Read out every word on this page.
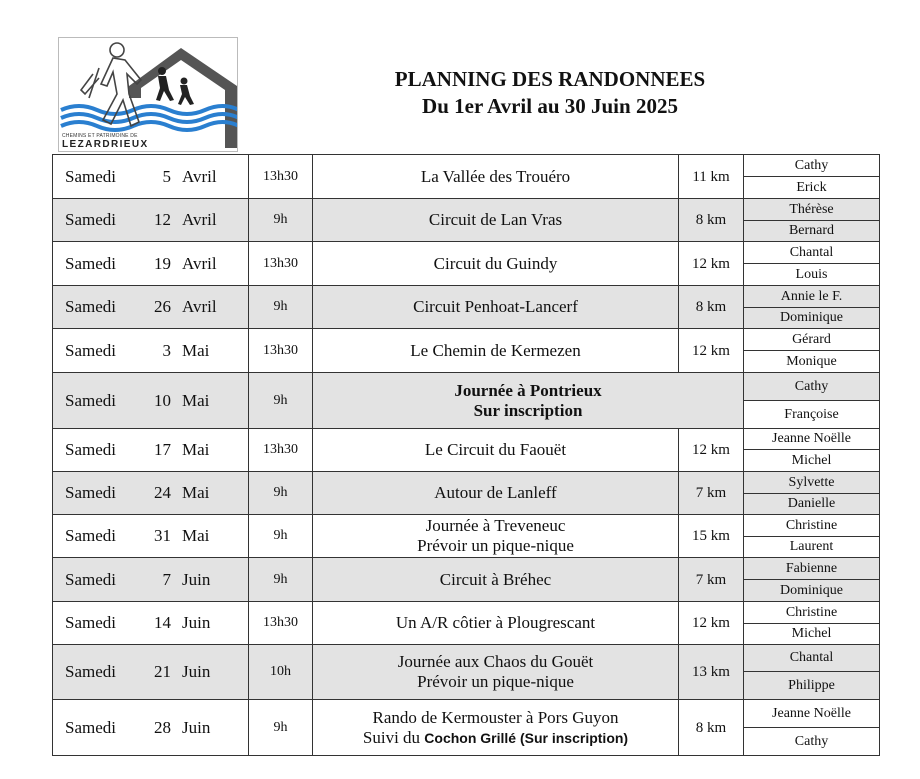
CHEMINS ET PATRIMOINE DE
LEZARDRIEUX
PLANNING DES RANDONNEES
Du 1er Avril au 30 Juin 2025
Samedi 5 Avril	13h30	La Vallée des Trouéro	11 km	Cathy
				Erick
Samedi 12 Avril	9h	Circuit de Lan Vras	8 km	Thérèse
				Bernard
Samedi 19 Avril	13h30	Circuit du Guindy	12 km	Chantal
				Louis
Samedi 26 Avril	9h	Circuit Penhoat-Lancerf	8 km	Annie le F.
				Dominique
Samedi 3 Mai	13h30	Le Chemin de Kermezen	12 km	Gérard
				Monique
Samedi 10 Mai	9h	Journée à Pontrieux
Sur inscription		Cathy
				Françoise
Samedi 17 Mai	13h30	Le Circuit du Faouët	12 km	Jeanne Noëlle
				Michel
Samedi 24 Mai	9h	Autour de Lanleff	7 km	Sylvette
				Danielle
Samedi 31 Mai	9h	Journée à Treveneuc
Prévoir un pique-nique	15 km	Christine
				Laurent
Samedi 7 Juin	9h	Circuit à Bréhec	7 km	Fabienne
				Dominique
Samedi 14 Juin	13h30	Un A/R côtier à Plougrescant	12 km	Christine
				Michel
Samedi 21 Juin	10h	Journée aux Chaos du Gouët
Prévoir un pique-nique	13 km	Chantal
				Philippe
Samedi 28 Juin	9h	Rando de Kermouster à Pors Guyon
Suivi du Cochon Grillé (Sur inscription)	8 km	Jeanne Noëlle
				Cathy
